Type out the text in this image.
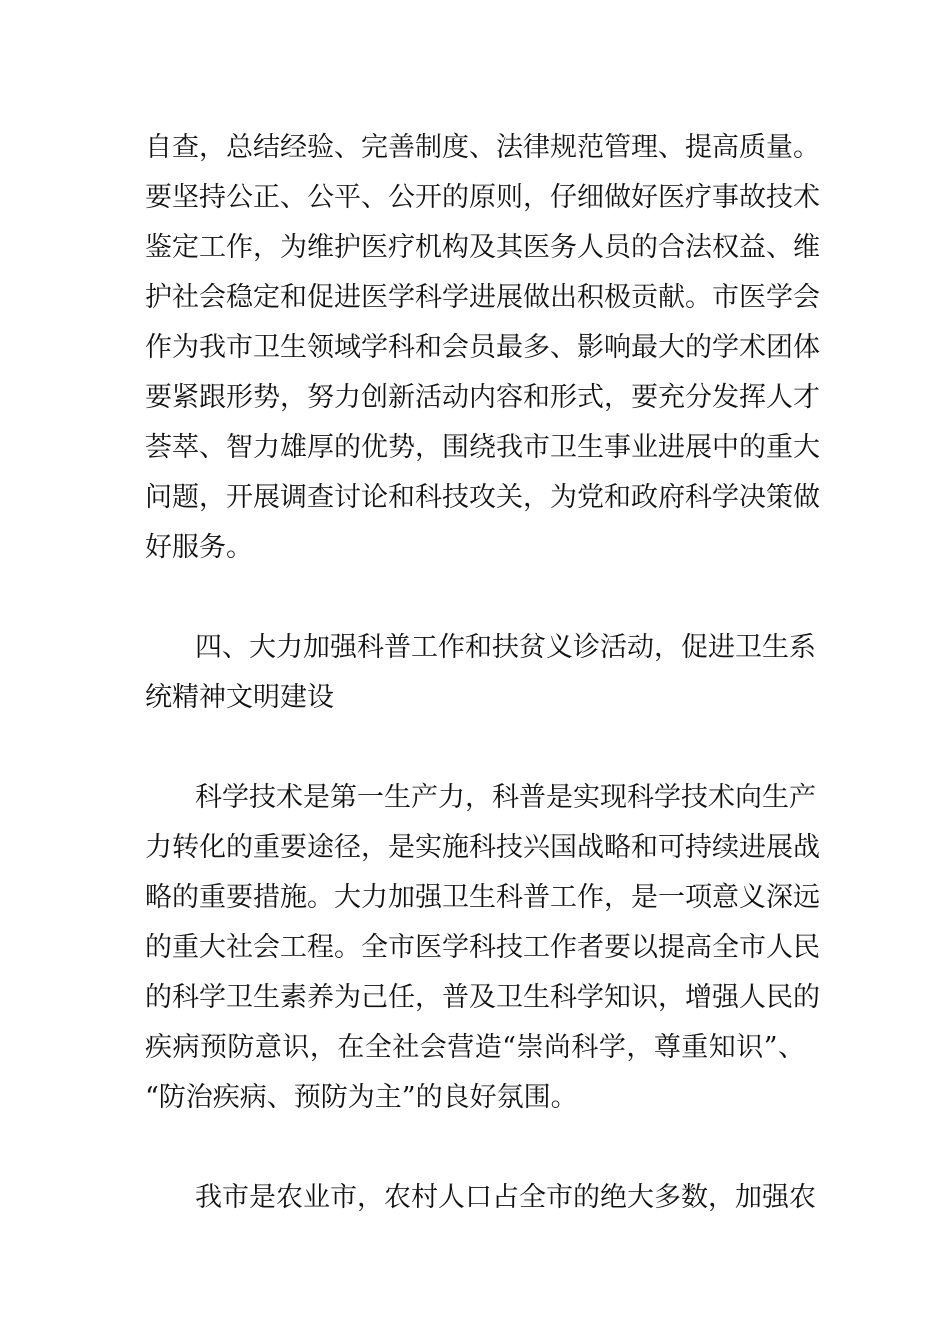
自查，总结经验、完善制度、法律规范管理、提高质量。
要坚持公正、公平、公开的原则，仔细做好医疗事故技术
鉴定工作，为维护医疗机构及其医务人员的合法权益、维
护社会稳定和促进医学科学进展做出积极贡献。市医学会
作为我市卫生领域学科和会员最多、影响最大的学术团体
要紧跟形势，努力创新活动内容和形式，要充分发挥人才
荟萃、智力雄厚的优势，围绕我市卫生事业进展中的重大
问题，开展调查讨论和科技攻关，为党和政府科学决策做
好服务。
四、大力加强科普工作和扶贫义诊活动，促进卫生系
统精神文明建设
科学技术是第一生产力，科普是实现科学技术向生产
力转化的重要途径，是实施科技兴国战略和可持续进展战
略的重要措施。大力加强卫生科普工作，是一项意义深远
的重大社会工程。全市医学科技工作者要以提高全市人民
的科学卫生素养为己任，普及卫生科学知识，增强人民的
疾病预防意识，在全社会营造“崇尚科学，尊重知识”、
“防治疾病、预防为主”的良好氛围。
我市是农业市，农村人口占全市的绝大多数，加强农
